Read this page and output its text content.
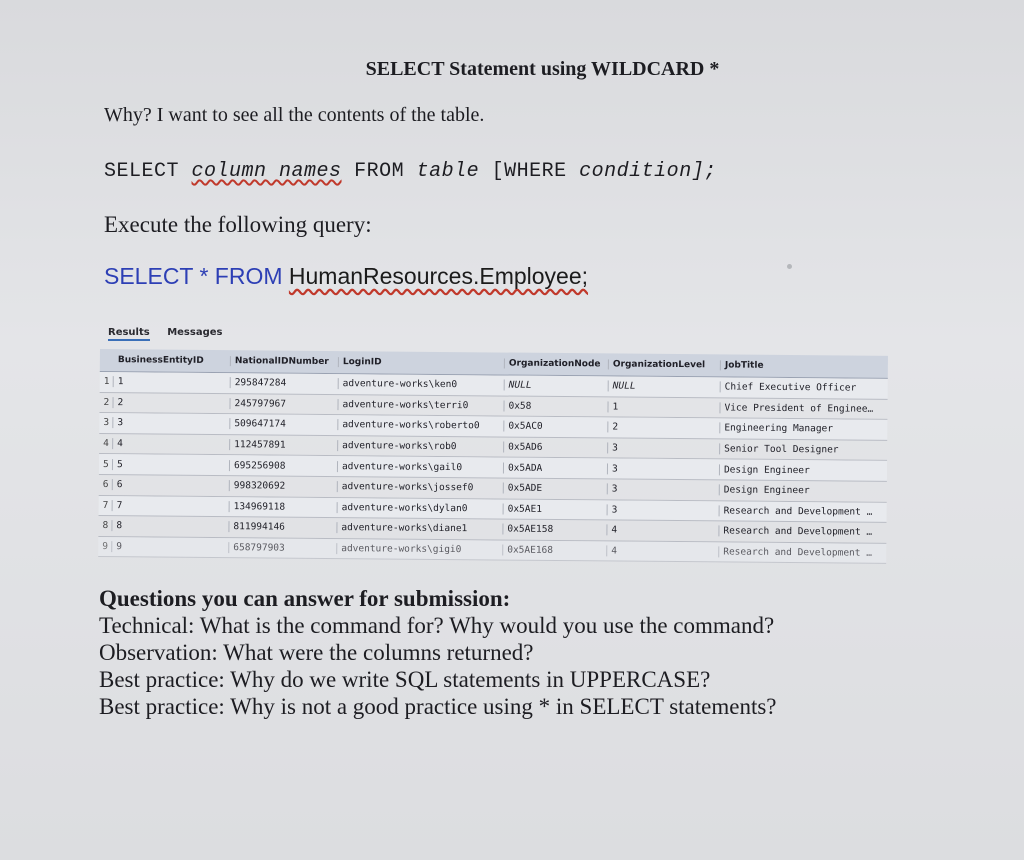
SELECT Statement using WILDCARD *
Why? I want to see all the contents of the table.
SELECT column names FROM table [WHERE condition];
Execute the following query:
SELECT * FROM HumanResources.Employee;
Results Messages
BusinessEntityID	NationalIDNumber	LoginID	OrganizationNode	OrganizationLevel	JobTitle
1 1	295847284	adventure-works\ken0	NULL	NULL	Chief Executive Officer
2 2	245797967	adventure-works\terri0	0x58	1	Vice President of Enginee…
3 3	509647174	adventure-works\roberto0	0x5AC0	2	Engineering Manager
4 4	112457891	adventure-works\rob0	0x5AD6	3	Senior Tool Designer
5 5	695256908	adventure-works\gail0	0x5ADA	3	Design Engineer
6 6	998320692	adventure-works\jossef0	0x5ADE	3	Design Engineer
7 7	134969118	adventure-works\dylan0	0x5AE1	3	Research and Development …
8 8	811994146	adventure-works\diane1	0x5AE158	4	Research and Development …
9 9	658797903	adventure-works\gigi0	0x5AE168	4	Research and Development …
Questions you can answer for submission:
Technical: What is the command for? Why would you use the command?
Observation: What were the columns returned?
Best practice: Why do we write SQL statements in UPPERCASE?
Best practice: Why is not a good practice using * in SELECT statements?
